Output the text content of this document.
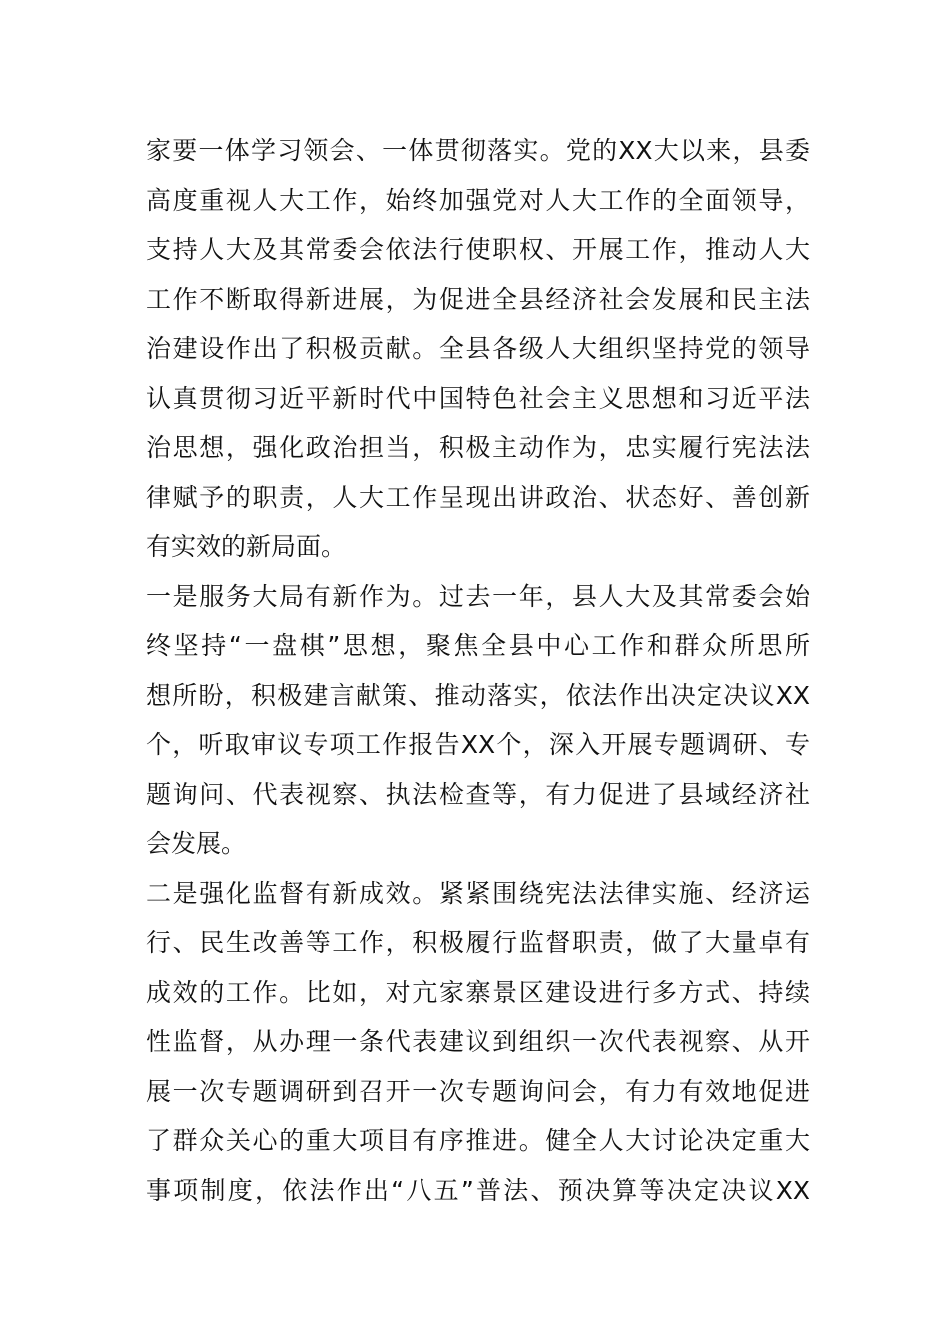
家要一体学习领会、一体贯彻落实。党的XX大以来，县委
高度重视人大工作，始终加强党对人大工作的全面领导，
支持人大及其常委会依法行使职权、开展工作，推动人大
工作不断取得新进展，为促进全县经济社会发展和民主法
治建设作出了积极贡献。全县各级人大组织坚持党的领导
认真贯彻习近平新时代中国特色社会主义思想和习近平法
治思想，强化政治担当，积极主动作为，忠实履行宪法法
律赋予的职责，人大工作呈现出讲政治、状态好、善创新
有实效的新局面。
一是服务大局有新作为。过去一年，县人大及其常委会始
终坚持“一盘棋”思想，聚焦全县中心工作和群众所思所
想所盼，积极建言献策、推动落实，依法作出决定决议XX
个，听取审议专项工作报告XX个，深入开展专题调研、专
题询问、代表视察、执法检查等，有力促进了县域经济社
会发展。
二是强化监督有新成效。紧紧围绕宪法法律实施、经济运
行、民生改善等工作，积极履行监督职责，做了大量卓有
成效的工作。比如，对亢家寨景区建设进行多方式、持续
性监督，从办理一条代表建议到组织一次代表视察、从开
展一次专题调研到召开一次专题询问会，有力有效地促进
了群众关心的重大项目有序推进。健全人大讨论决定重大
事项制度，依法作出“八五”普法、预决算等决定决议XX
